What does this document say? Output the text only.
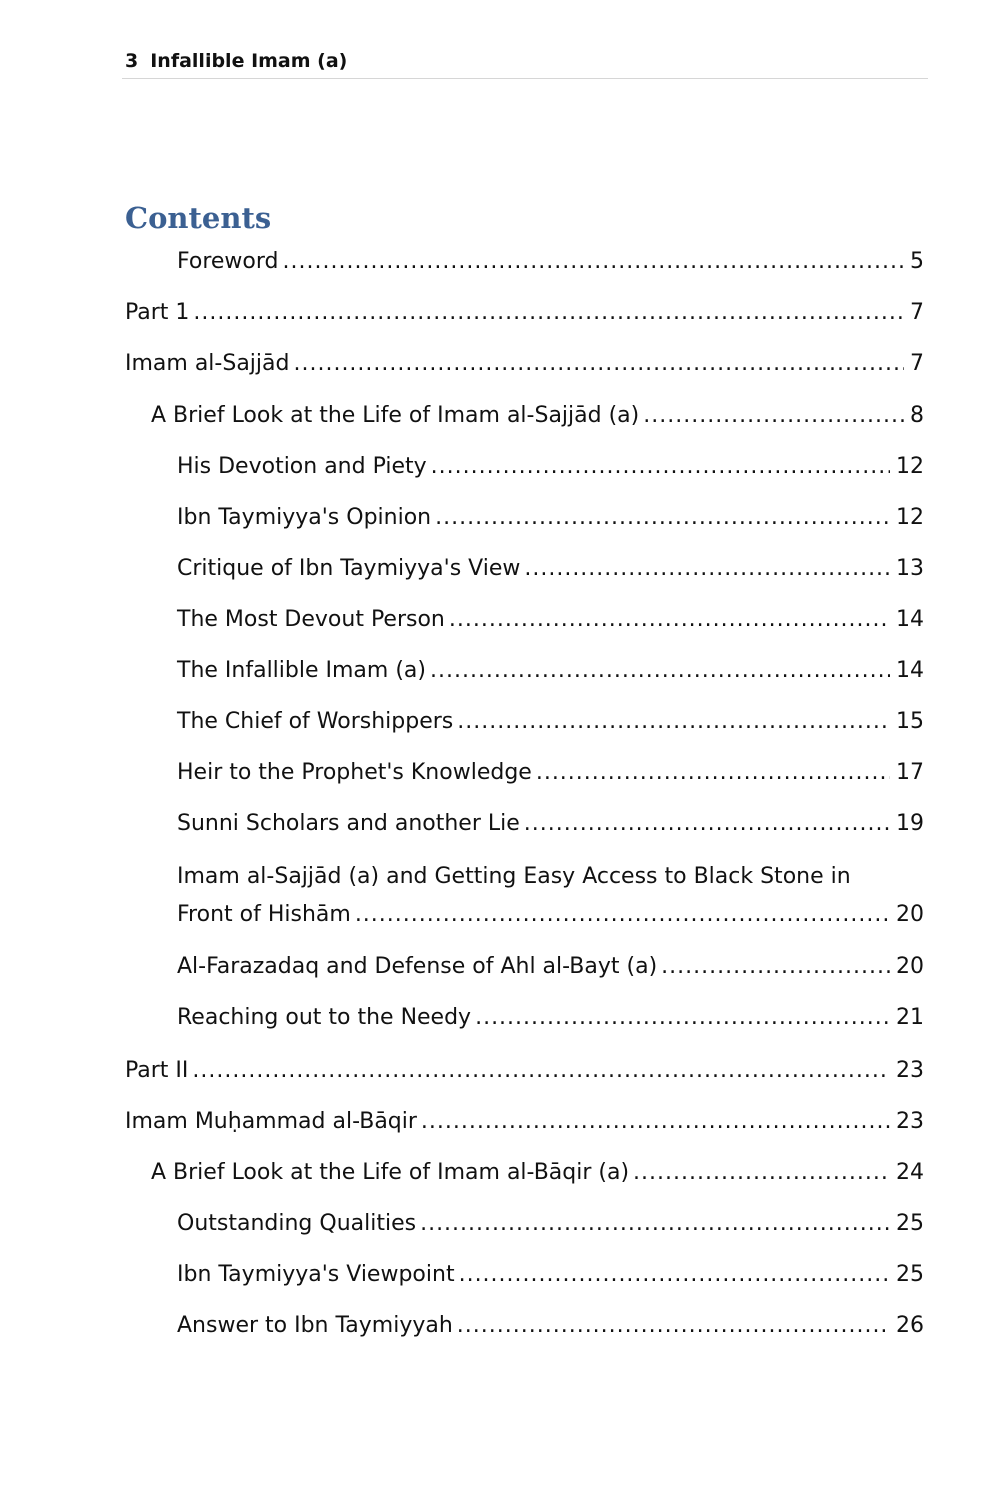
3 Infallible Imam (a)
Contents
Foreword .....	5
Part 1 .....	7
Imam al-Sajjād .....	7
A Brief Look at the Life of Imam al-Sajjād (a) .....	8
His Devotion and Piety .....	12
Ibn Taymiyya's Opinion .....	12
Critique of Ibn Taymiyya's View .....	13
The Most Devout Person .....	14
The Infallible Imam (a) .....	14
The Chief of Worshippers .....	15
Heir to the Prophet's Knowledge .....	17
Sunni Scholars and another Lie .....	19
Imam al-Sajjād (a) and Getting Easy Access to Black Stone in
Front of Hishām .....	20
Al-Farazadaq and Defense of Ahl al-Bayt (a) .....	20
Reaching out to the Needy .....	21
Part II .....	23
Imam Muḥammad al-Bāqir .....	23
A Brief Look at the Life of Imam al-Bāqir (a) .....	24
Outstanding Qualities .....	25
Ibn Taymiyya's Viewpoint .....	25
Answer to Ibn Taymiyyah .....	26
